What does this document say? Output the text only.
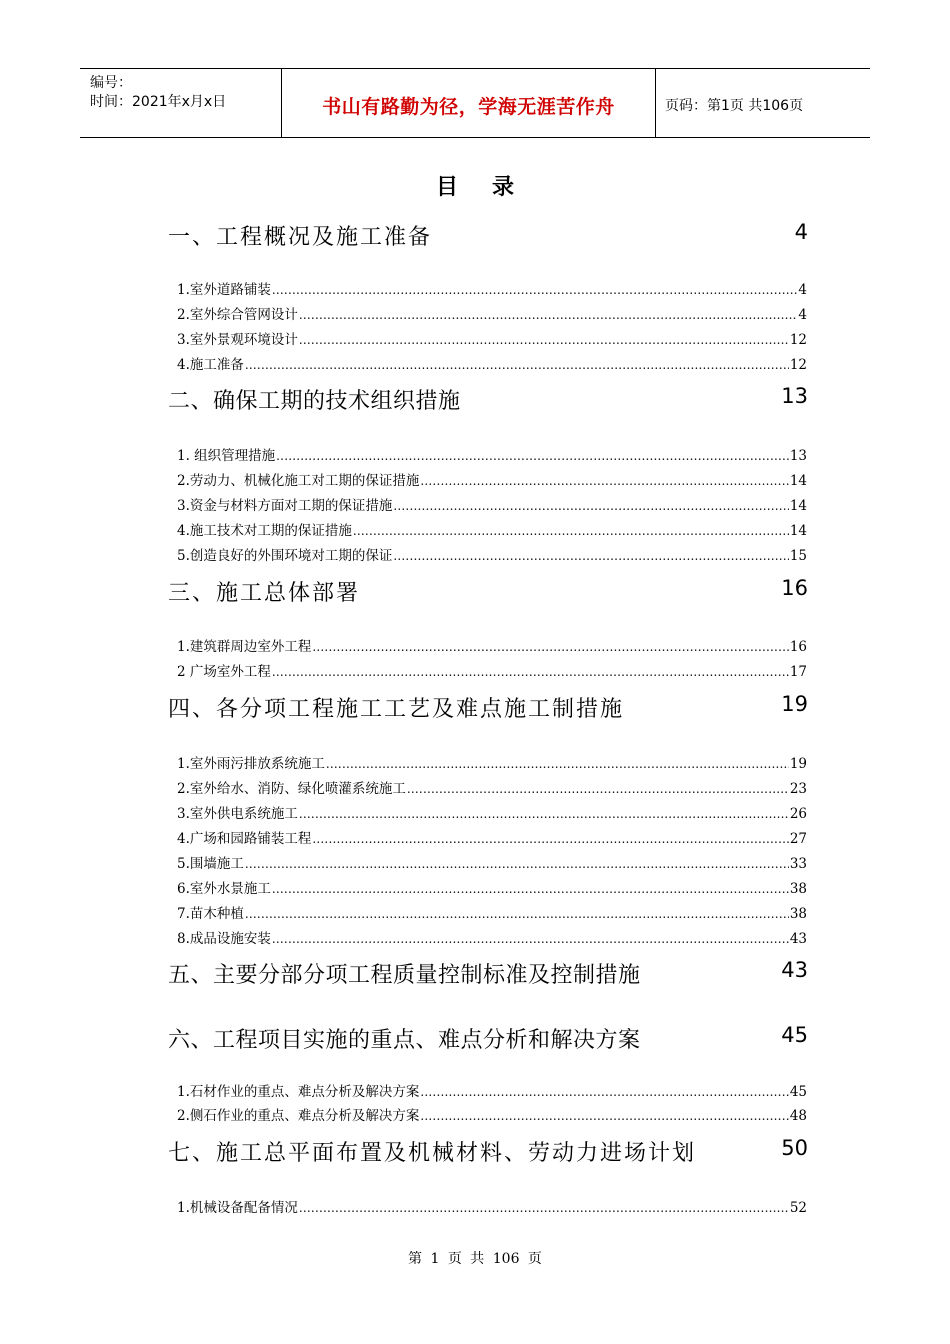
编号：
时间：2021年x月x日	书山有路勤为径，学海无涯苦作舟	页码：第1页 共106页
目录
一、工程概况及施工准备	4
1.室外道路铺装 .....	4
2.室外综合管网设计 .....	4
3.室外景观环境设计 .....	12
4.施工准备 .....	12
二、确保工期的技术组织措施	13
1. 组织管理措施 .....	13
2.劳动力、机械化施工对工期的保证措施 .....	14
3.资金与材料方面对工期的保证措施 .....	14
4.施工技术对工期的保证措施 .....	14
5.创造良好的外围环境对工期的保证 .....	15
三、施工总体部署	16
1.建筑群周边室外工程 .....	16
2 广场室外工程 .....	17
四、各分项工程施工工艺及难点施工制措施	19
1.室外雨污排放系统施工 .....	19
2.室外给水、消防、绿化喷灌系统施工 .....	23
3.室外供电系统施工 .....	26
4.广场和园路铺装工程 .....	27
5.围墙施工 .....	33
6.室外水景施工 .....	38
7.苗木种植 .....	38
8.成品设施安装 .....	43
五、主要分部分项工程质量控制标准及控制措施	43
六、工程项目实施的重点、难点分析和解决方案	45
1.石材作业的重点、难点分析及解决方案 .....	45
2.侧石作业的重点、难点分析及解决方案 .....	48
七、施工总平面布置及机械材料、劳动力进场计划	50
1.机械设备配备情况 .....	52
第 1 页 共 106 页
